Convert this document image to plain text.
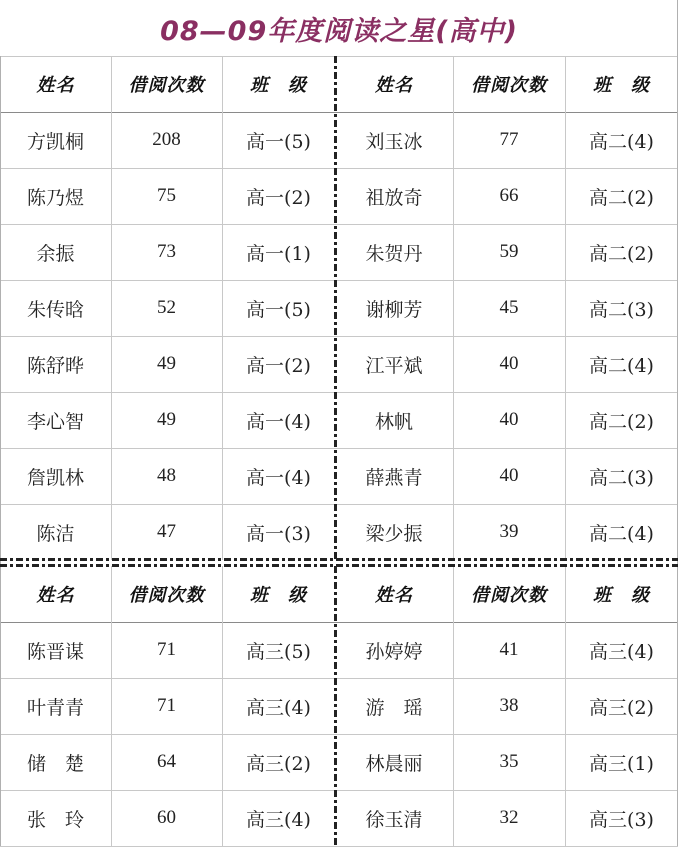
08—09年度阅读之星(高中)
姓名	借阅次数	班　级	姓名	借阅次数	班　级
方凯桐	208	高一(5)	刘玉冰	77	高二(4)
陈乃煜	75	高一(2)	祖放奇	66	高二(2)
余振	73	高一(1)	朱贺丹	59	高二(2)
朱传晗	52	高一(5)	谢柳芳	45	高二(3)
陈舒晔	49	高一(2)	江平斌	40	高二(4)
李心智	49	高一(4)	林帆	40	高二(2)
詹凯林	48	高一(4)	薛燕青	40	高二(3)
陈洁	47	高一(3)	梁少振	39	高二(4)
姓名	借阅次数	班　级	姓名	借阅次数	班　级
陈晋谋	71	高三(5)	孙婷婷	41	高三(4)
叶青青	71	高三(4)	游　瑶	38	高三(2)
储　楚	64	高三(2)	林晨丽	35	高三(1)
张　玲	60	高三(4)	徐玉清	32	高三(3)
